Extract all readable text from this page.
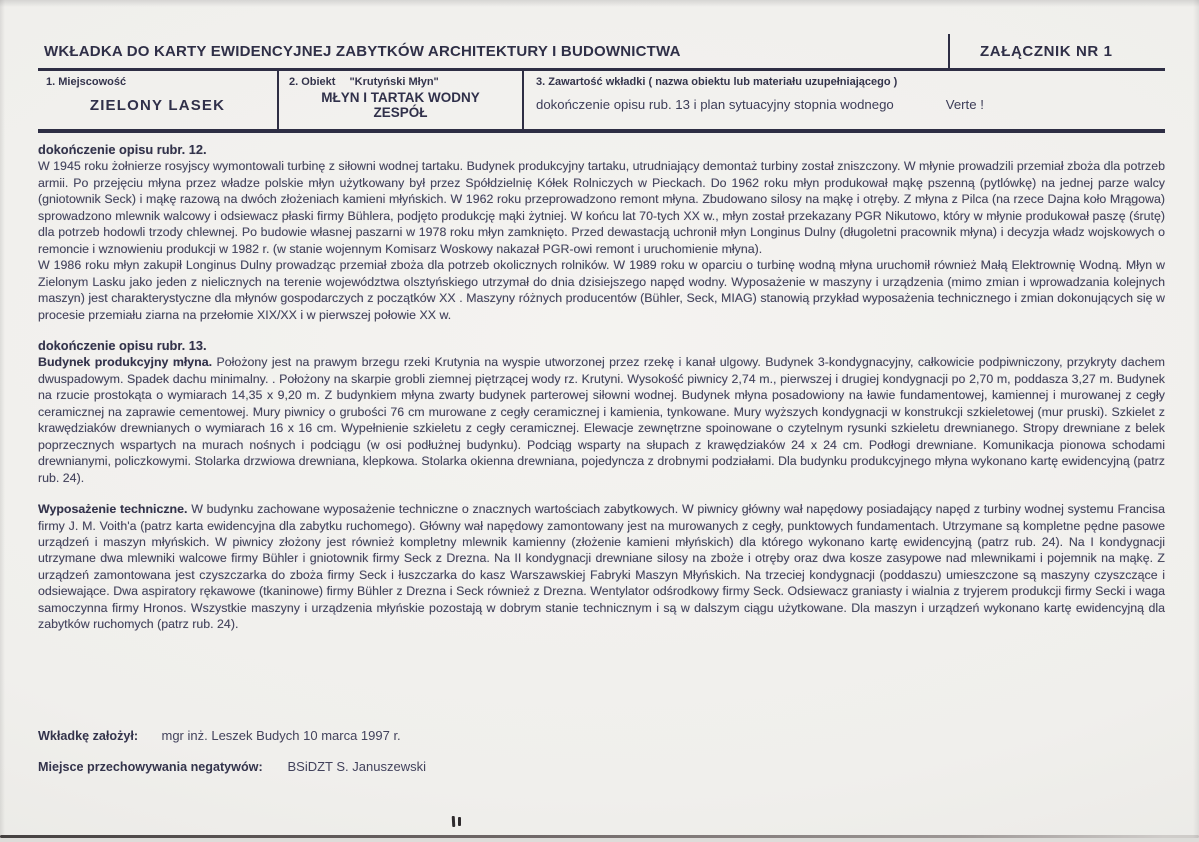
WKŁADKA DO KARTY EWIDENCYJNEJ ZABYTKÓW ARCHITEKTURY I BUDOWNICTWA	ZAŁĄCZNIK NR 1
1. Miejscowość
ZIELONY LASEK
2. Obiekt "Krutyński Młyn"
MŁYN I TARTAK WODNY
ZESPÓŁ
3. Zawartość wkładki ( nazwa obiektu lub materiału uzupełniającego )
dokończenie opisu rub. 13 i plan sytuacyjny stopnia wodnego	Verte !

dokończenie opisu rubr. 12.

W 1945 roku żołnierze rosyjscy wymontowali turbinę z siłowni wodnej tartaku. Budynek produkcyjny tartaku, utrudniający demontaż turbiny został zniszczony. W młynie prowadzili przemiał zboża dla potrzeb armii. Po przejęciu młyna przez władze polskie młyn użytkowany był przez Spółdzielnię Kółek Rolniczych w Pieckach. Do 1962 roku młyn produkował mąkę pszenną (pytlówkę) na jednej parze walcy (gniotownik Seck) i mąkę razową na dwóch złożeniach kamieni młyńskich. W 1962 roku przeprowadzono remont młyna. Zbudowano silosy na mąkę i otręby. Z młyna z Pilca (na rzece Dajna koło Mrągowa) sprowadzono mlewnik walcowy i odsiewacz płaski firmy Bühlera, podjęto produkcję mąki żytniej. W końcu lat 70-tych XX w., młyn został przekazany PGR Nikutowo, który w młynie produkował paszę (śrutę) dla potrzeb hodowli trzody chlewnej. Po budowie własnej paszarni w 1978 roku młyn zamknięto. Przed dewastacją uchronił młyn Longinus Dulny (długoletni pracownik młyna) i decyzja władz wojskowych o remoncie i wznowieniu produkcji w 1982 r. (w stanie wojennym Komisarz Woskowy nakazał PGR-owi remont i uruchomienie młyna).

W 1986 roku młyn zakupił Longinus Dulny prowadząc przemiał zboża dla potrzeb okolicznych rolników. W 1989 roku w oparciu o turbinę wodną młyna uruchomił również Małą Elektrownię Wodną. Młyn w Zielonym Lasku jako jeden z nielicznych na terenie województwa olsztyńskiego utrzymał do dnia dzisiejszego napęd wodny. Wyposażenie w maszyny i urządzenia (mimo zmian i wprowadzania kolejnych maszyn) jest charakterystyczne dla młynów gospodarczych z początków XX . Maszyny różnych producentów (Bühler, Seck, MIAG) stanowią przykład wyposażenia technicznego i zmian dokonujących się w procesie przemiału ziarna na przełomie XIX/XX i w pierwszej połowie XX w.

dokończenie opisu rubr. 13.

Budynek produkcyjny młyna. Położony jest na prawym brzegu rzeki Krutynia na wyspie utworzonej przez rzekę i kanał ulgowy. Budynek 3-kondygnacyjny, całkowicie podpiwniczony, przykryty dachem dwuspadowym. Spadek dachu minimalny. . Położony na skarpie grobli ziemnej piętrzącej wody rz. Krutyni. Wysokość piwnicy 2,74 m., pierwszej i drugiej kondygnacji po 2,70 m, poddasza 3,27 m. Budynek na rzucie prostokąta o wymiarach 14,35 x 9,20 m. Z budynkiem młyna zwarty budynek parterowej siłowni wodnej. Budynek młyna posadowiony na ławie fundamentowej, kamiennej i murowanej z cegły ceramicznej na zaprawie cementowej. Mury piwnicy o grubości 76 cm murowane z cegły ceramicznej i kamienia, tynkowane. Mury wyższych kondygnacji w konstrukcji szkieletowej (mur pruski). Szkielet z krawędziaków drewnianych o wymiarach 16 x 16 cm. Wypełnienie szkieletu z cegły ceramicznej. Elewacje zewnętrzne spoinowane o czytelnym rysunki szkieletu drewnianego. Stropy drewniane z belek poprzecznych wspartych na murach nośnych i podciągu (w osi podłużnej budynku). Podciąg wsparty na słupach z krawędziaków 24 x 24 cm. Podłogi drewniane. Komunikacja pionowa schodami drewnianymi, policzkowymi. Stolarka drzwiowa drewniana, klepkowa. Stolarka okienna drewniana, pojedyncza z drobnymi podziałami. Dla budynku produkcyjnego młyna wykonano kartę ewidencyjną (patrz rub. 24).

Wyposażenie techniczne. W budynku zachowane wyposażenie techniczne o znacznych wartościach zabytkowych. W piwnicy główny wał napędowy posiadający napęd z turbiny wodnej systemu Francisa firmy J. M. Voith'a (patrz karta ewidencyjna dla zabytku ruchomego). Główny wał napędowy zamontowany jest na murowanych z cegły, punktowych fundamentach. Utrzymane są kompletne pędne pasowe urządzeń i maszyn młyńskich. W piwnicy złożony jest również kompletny mlewnik kamienny (złożenie kamieni młyńskich) dla którego wykonano kartę ewidencyjną (patrz rub. 24). Na I kondygnacji utrzymane dwa mlewniki walcowe firmy Bühler i gniotownik firmy Seck z Drezna. Na II kondygnacji drewniane silosy na zboże i otręby oraz dwa kosze zasypowe nad mlewnikami i pojemnik na mąkę. Z urządzeń zamontowana jest czyszczarka do zboża firmy Seck i łuszczarka do kasz Warszawskiej Fabryki Maszyn Młyńskich. Na trzeciej kondygnacji (poddaszu) umieszczone są maszyny czyszczące i odsiewające. Dwa aspiratory rękawowe (tkaninowe) firmy Bühler z Drezna i Seck również z Drezna. Wentylator odśrodkowy firmy Seck. Odsiewacz graniasty i wialnia z tryjerem produkcji firmy Secki i waga samoczynna firmy Hronos. Wszystkie maszyny i urządzenia młyńskie pozostają w dobrym stanie technicznym i są w dalszym ciągu użytkowane. Dla maszyn i urządzeń wykonano kartę ewidencyjną dla zabytków ruchomych (patrz rub. 24).

Wkładkę założył: mgr inż. Leszek Budych 10 marca 1997 r.
Miejsce przechowywania negatywów: BSiDZT S. Januszewski
